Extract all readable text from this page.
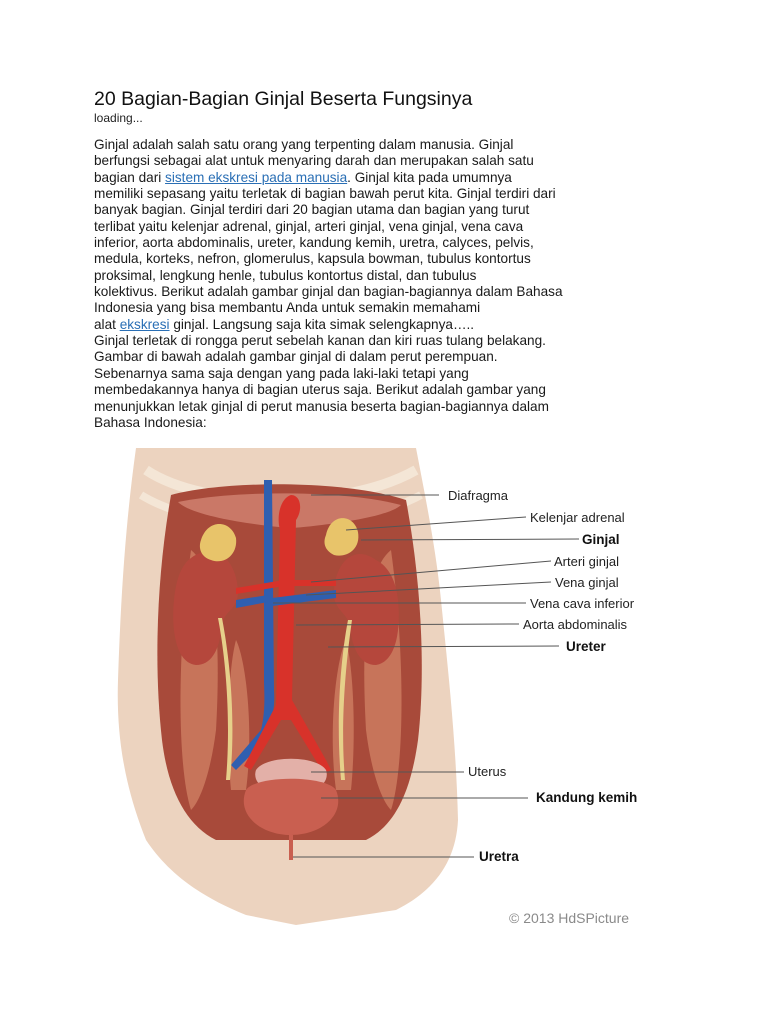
20 Bagian-Bagian Ginjal Beserta Fungsinya
loading...
Ginjal adalah salah satu orang yang terpenting dalam manusia. Ginjal
berfungsi sebagai alat untuk menyaring darah dan merupakan salah satu
bagian dari sistem ekskresi pada manusia. Ginjal kita pada umumnya
memiliki sepasang yaitu terletak di bagian bawah perut kita. Ginjal terdiri dari
banyak bagian. Ginjal terdiri dari 20 bagian utama dan bagian yang turut
terlibat yaitu kelenjar adrenal, ginjal, arteri ginjal, vena ginjal, vena cava
inferior, aorta abdominalis, ureter, kandung kemih, uretra, calyces, pelvis,
medula, korteks, nefron, glomerulus, kapsula bowman, tubulus kontortus
proksimal, lengkung henle, tubulus kontortus distal, dan tubulus
kolektivus. Berikut adalah gambar ginjal dan bagian-bagiannya dalam Bahasa
Indonesia yang bisa membantu Anda untuk semakin memahami
alat ekskresi ginjal. Langsung saja kita simak selengkapnya…..
Ginjal terletak di rongga perut sebelah kanan dan kiri ruas tulang belakang.
Gambar di bawah adalah gambar ginjal di dalam perut perempuan.
Sebenarnya sama saja dengan yang pada laki-laki tetapi yang
membedakannya hanya di bagian uterus saja. Berikut adalah gambar yang
menunjukkan letak ginjal di perut manusia beserta bagian-bagiannya dalam
Bahasa Indonesia:
Diafragma
Kelenjar adrenal
Ginjal
Arteri ginjal
Vena ginjal
Vena cava inferior
Aorta abdominalis
Ureter
Uterus
Kandung kemih
Uretra
© 2013 HdSPicture
